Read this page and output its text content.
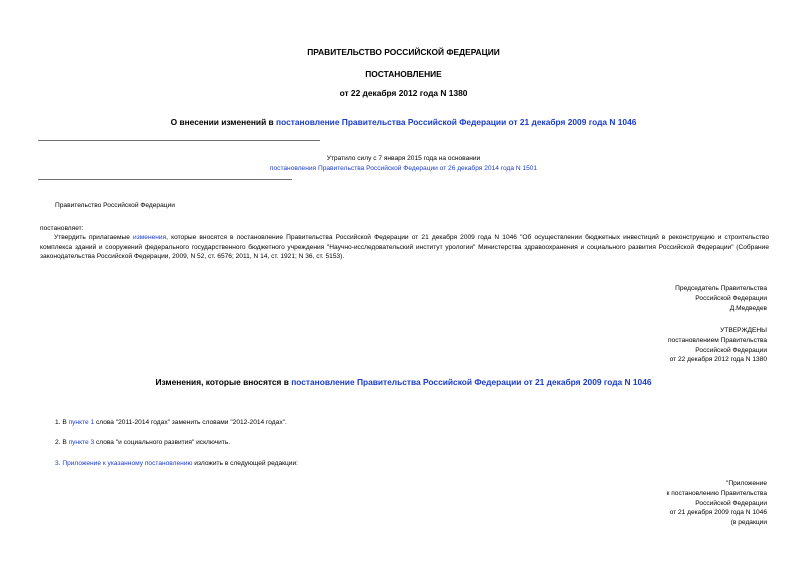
ПРАВИТЕЛЬСТВО РОССИЙСКОЙ ФЕДЕРАЦИИ
ПОСТАНОВЛЕНИЕ
от 22 декабря 2012 года N 1380
О внесении изменений в постановление Правительства Российской Федерации от 21 декабря 2009 года N 1046
Утратило силу с 7 января 2015 года на основании
постановления Правительства Российской Федерации от 26 декабря 2014 года N 1501
Правительство Российской Федерации
постановляет:
Утвердить прилагаемые изменения, которые вносятся в постановление Правительства Российской Федерации от 21 декабря 2009 года N 1046 "Об осуществлении бюджетных инвестиций в реконструкцию и строительство комплекса зданий и сооружений федерального государственного бюджетного учреждения "Научно-исследовательский институт урологии" Министерства здравоохранения и социального развития Российской Федерации" (Собрание законодательства Российской Федерации, 2009, N 52, ст. 6576; 2011, N 14, ст. 1921; N 36, ст. 5153).
Председатель Правительства
Российской Федерации
Д.Медведев
УТВЕРЖДЕНЫ
постановлением Правительства
Российской Федерации
от 22 декабря 2012 года N 1380
Изменения, которые вносятся в постановление Правительства Российской Федерации от 21 декабря 2009 года N 1046
1. В пункте 1 слова "2011-2014 годах" заменить словами "2012-2014 годах".
2. В пункте 3 слова "и социального развития" исключить.
3. Приложение к указанному постановлению изложить в следующей редакции:
"Приложение
к постановлению Правительства
Российской Федерации
от 21 декабря 2009 года N 1046
(в редакции
